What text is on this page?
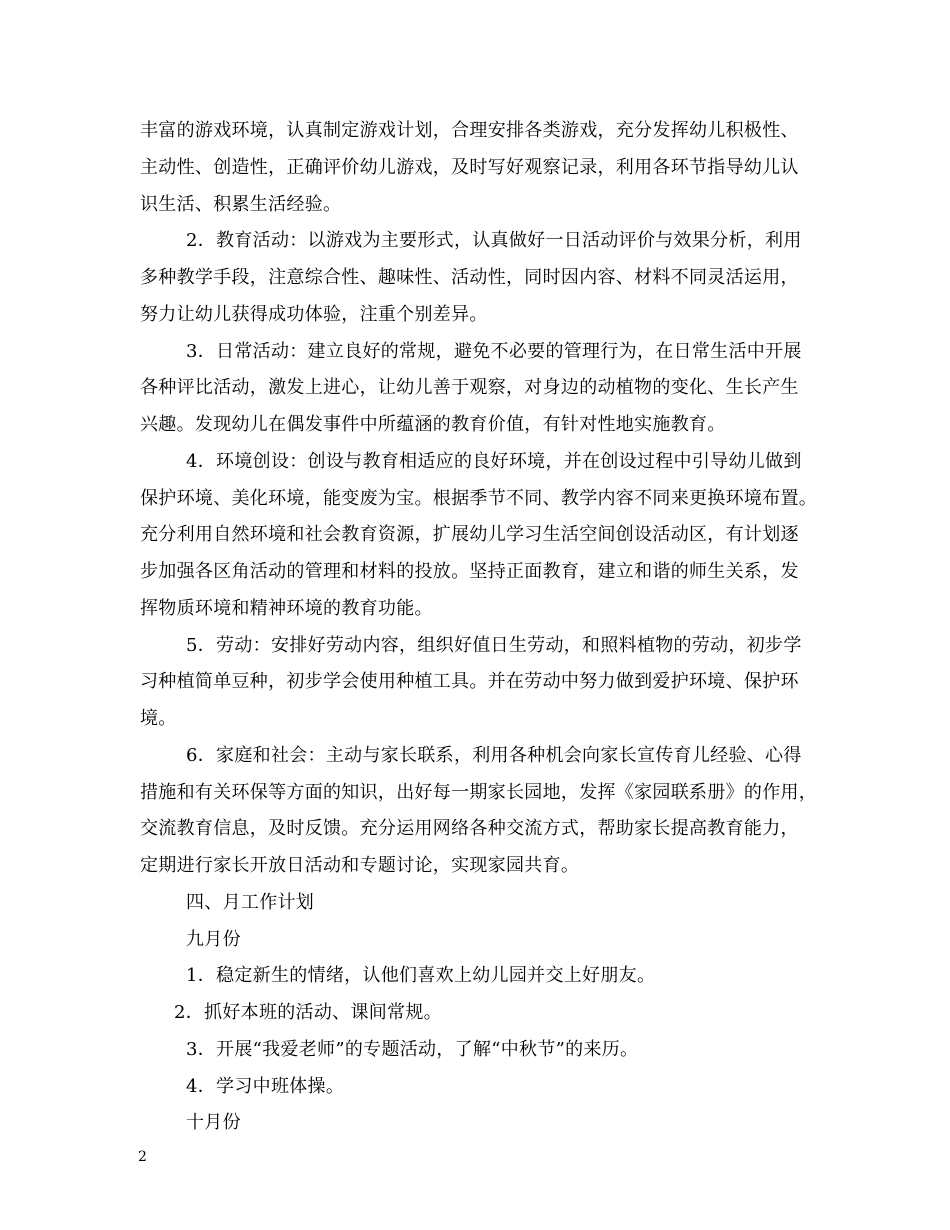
丰富的游戏环境，认真制定游戏计划，合理安排各类游戏，充分发挥幼儿积极性、
主动性、创造性，正确评价幼儿游戏，及时写好观察记录，利用各环节指导幼儿认
识生活、积累生活经验。
2．教育活动：以游戏为主要形式，认真做好一日活动评价与效果分析，利用
多种教学手段，注意综合性、趣味性、活动性，同时因内容、材料不同灵活运用，
努力让幼儿获得成功体验，注重个别差异。
3．日常活动：建立良好的常规，避免不必要的管理行为，在日常生活中开展
各种评比活动，激发上进心，让幼儿善于观察，对身边的动植物的变化、生长产生
兴趣。发现幼儿在偶发事件中所蕴涵的教育价值，有针对性地实施教育。
4．环境创设：创设与教育相适应的良好环境，并在创设过程中引导幼儿做到
保护环境、美化环境，能变废为宝。根据季节不同、教学内容不同来更换环境布置。
充分利用自然环境和社会教育资源，扩展幼儿学习生活空间创设活动区，有计划逐
步加强各区角活动的管理和材料的投放。坚持正面教育，建立和谐的师生关系，发
挥物质环境和精神环境的教育功能。
5．劳动：安排好劳动内容，组织好值日生劳动，和照料植物的劳动，初步学
习种植简单豆种，初步学会使用种植工具。并在劳动中努力做到爱护环境、保护环
境。
6．家庭和社会：主动与家长联系，利用各种机会向家长宣传育儿经验、心得
措施和有关环保等方面的知识，出好每一期家长园地，发挥《家园联系册》的作用，
交流教育信息，及时反馈。充分运用网络各种交流方式，帮助家长提高教育能力，
定期进行家长开放日活动和专题讨论，实现家园共育。
四、月工作计划
九月份
1．稳定新生的情绪，认他们喜欢上幼儿园并交上好朋友。
2．抓好本班的活动、课间常规。
3．开展“我爱老师”的专题活动，了解“中秋节”的来历。
4．学习中班体操。
十月份
2
